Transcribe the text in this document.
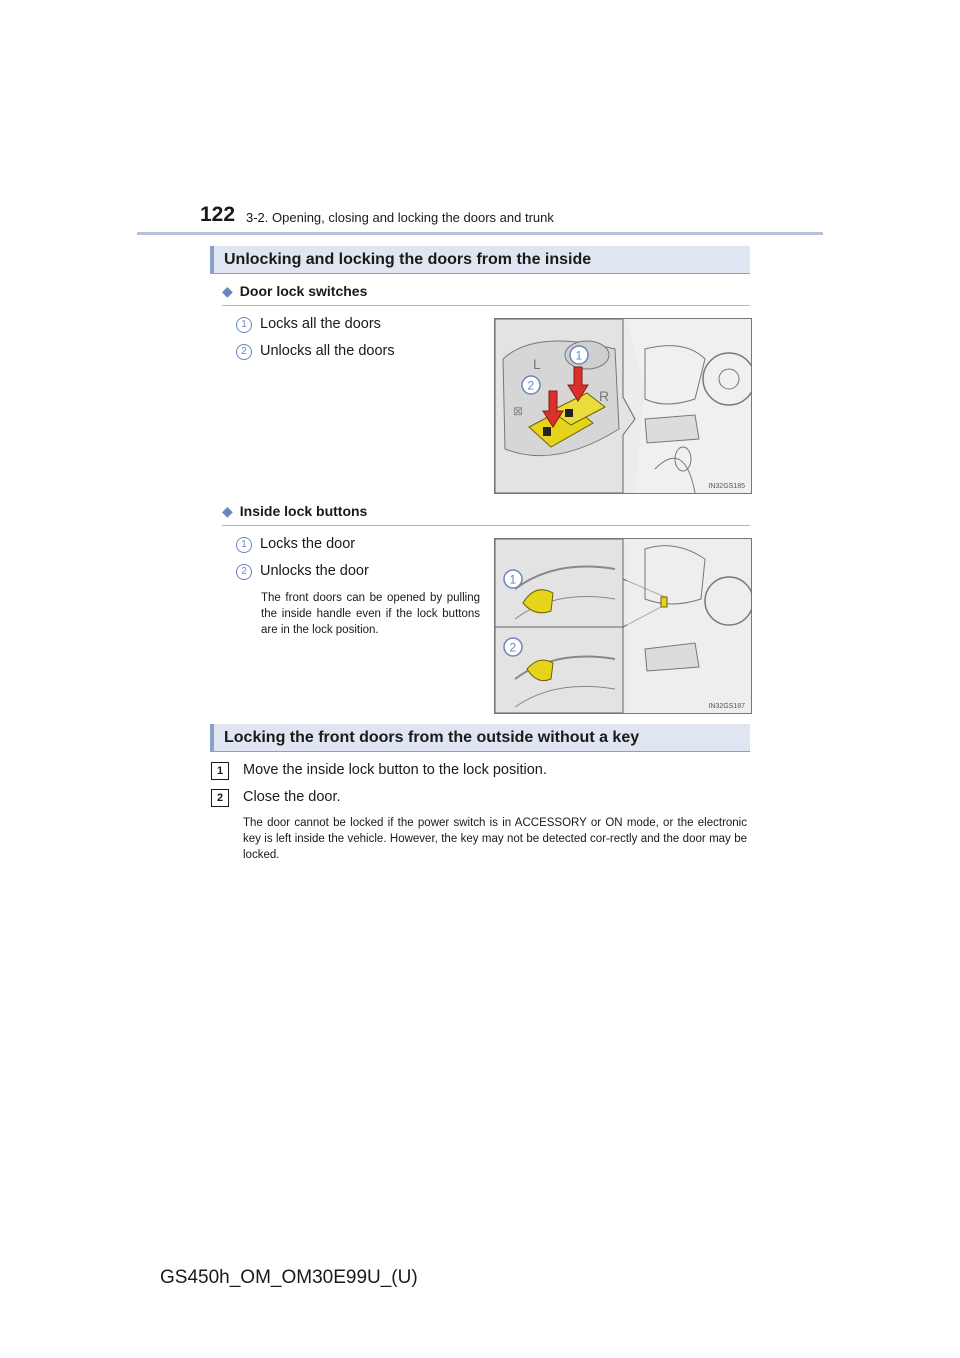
122 3-2. Opening, closing and locking the doors and trunk
Unlocking and locking the doors from the inside
◆ Door lock switches
1 Locks all the doors
2 Unlocks all the doors
L
R
⊠
1
2
IN32GS185
◆ Inside lock buttons
1 Locks the door
2 Unlocks the door
The front doors can be opened by pulling the inside handle even if the lock buttons are in the lock position.
1
2
IN32GS187
Locking the front doors from the outside without a key
1	Move the inside lock button to the lock position.
2	Close the door.
The door cannot be locked if the power switch is in ACCESSORY or ON mode, or the electronic key is left inside the vehicle. However, the key may not be detected cor-rectly and the door may be locked.
GS450h_OM_OM30E99U_(U)
